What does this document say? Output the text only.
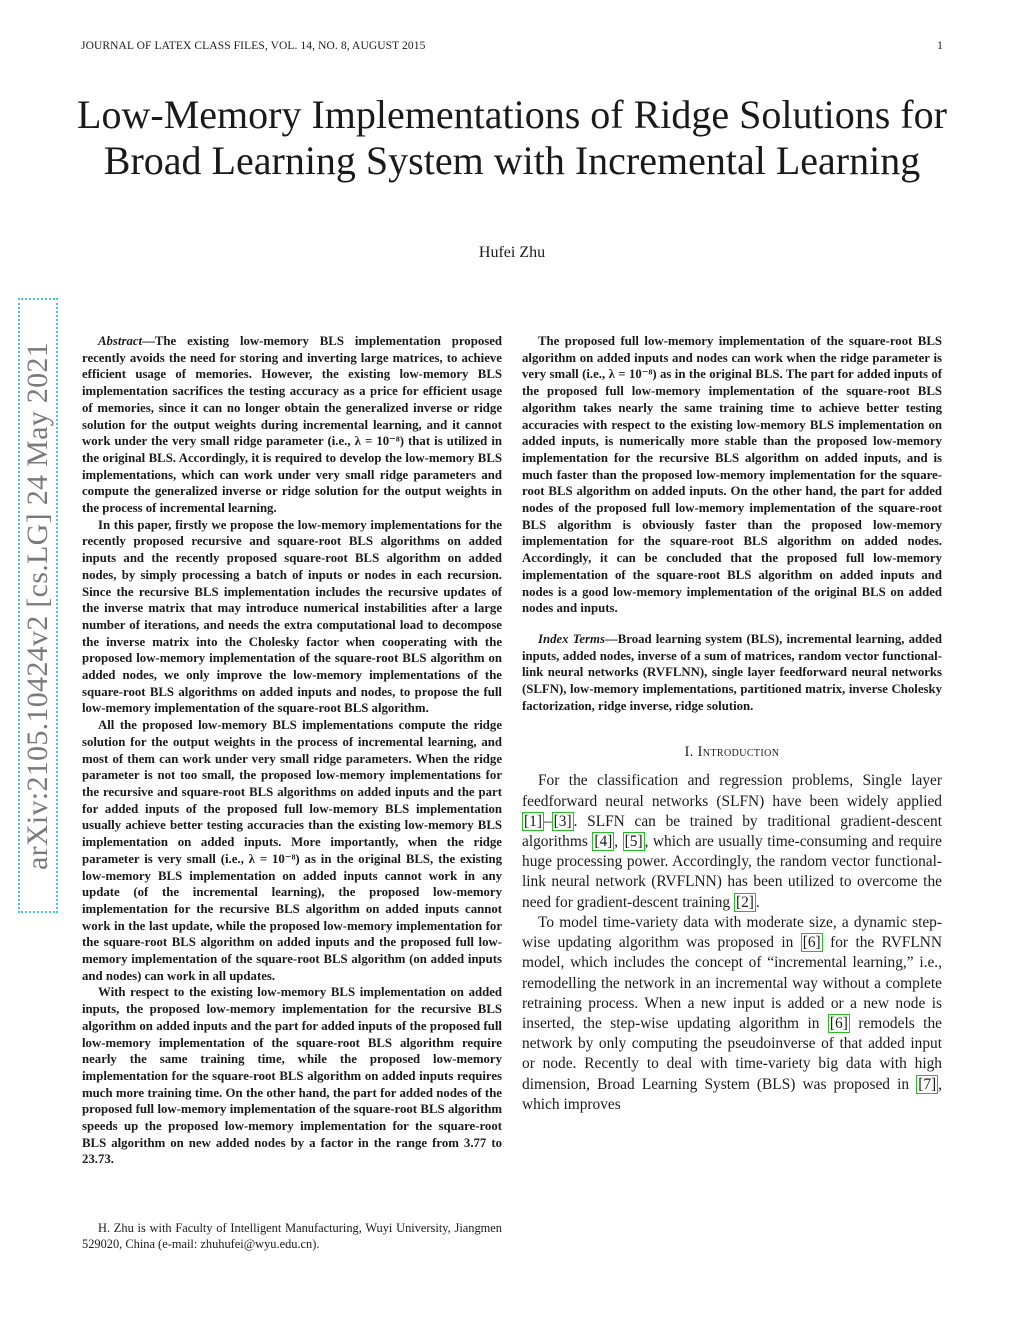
JOURNAL OF LATEX CLASS FILES, VOL. 14, NO. 8, AUGUST 2015	1
Low-Memory Implementations of Ridge Solutions for Broad Learning System with Incremental Learning
Hufei Zhu
arXiv:2105.10424v2 [cs.LG] 24 May 2021

Abstract—The existing low-memory BLS implementation proposed recently avoids the need for storing and inverting large matrices, to achieve efficient usage of memories. However, the existing low-memory BLS implementation sacrifices the testing accuracy as a price for efficient usage of memories, since it can no longer obtain the generalized inverse or ridge solution for the output weights during incremental learning, and it cannot work under the very small ridge parameter (i.e., λ = 10⁻⁸) that is utilized in the original BLS. Accordingly, it is required to develop the low-memory BLS implementations, which can work under very small ridge parameters and compute the generalized inverse or ridge solution for the output weights in the process of incremental learning.

In this paper, firstly we propose the low-memory implementations for the recently proposed recursive and square-root BLS algorithms on added inputs and the recently proposed square-root BLS algorithm on added nodes, by simply processing a batch of inputs or nodes in each recursion. Since the recursive BLS implementation includes the recursive updates of the inverse matrix that may introduce numerical instabilities after a large number of iterations, and needs the extra computational load to decompose the inverse matrix into the Cholesky factor when cooperating with the proposed low-memory implementation of the square-root BLS algorithm on added nodes, we only improve the low-memory implementations of the square-root BLS algorithms on added inputs and nodes, to propose the full low-memory implementation of the square-root BLS algorithm.

All the proposed low-memory BLS implementations compute the ridge solution for the output weights in the process of incremental learning, and most of them can work under very small ridge parameters. When the ridge parameter is not too small, the proposed low-memory implementations for the recursive and square-root BLS algorithms on added inputs and the part for added inputs of the proposed full low-memory BLS implementation usually achieve better testing accuracies than the existing low-memory BLS implementation on added inputs. More importantly, when the ridge parameter is very small (i.e., λ = 10⁻⁸) as in the original BLS, the existing low-memory BLS implementation on added inputs cannot work in any update (of the incremental learning), the proposed low-memory implementation for the recursive BLS algorithm on added inputs cannot work in the last update, while the proposed low-memory implementation for the square-root BLS algorithm on added inputs and the proposed full low-memory implementation of the square-root BLS algorithm (on added inputs and nodes) can work in all updates.

With respect to the existing low-memory BLS implementation on added inputs, the proposed low-memory implementation for the recursive BLS algorithm on added inputs and the part for added inputs of the proposed full low-memory implementation of the square-root BLS algorithm require nearly the same training time, while the proposed low-memory implementation for the square-root BLS algorithm on added inputs requires much more training time. On the other hand, the part for added nodes of the proposed full low-memory implementation of the square-root BLS algorithm speeds up the proposed low-memory implementation for the square-root BLS algorithm on new added nodes by a factor in the range from 3.77 to 23.73.

The proposed full low-memory implementation of the square-root BLS algorithm on added inputs and nodes can work when the ridge parameter is very small (i.e., λ = 10⁻⁸) as in the original BLS. The part for added inputs of the proposed full low-memory implementation of the square-root BLS algorithm takes nearly the same training time to achieve better testing accuracies with respect to the existing low-memory BLS implementation on added inputs, is numerically more stable than the proposed low-memory implementation for the recursive BLS algorithm on added inputs, and is much faster than the proposed low-memory implementation for the square-root BLS algorithm on added inputs. On the other hand, the part for added nodes of the proposed full low-memory implementation of the square-root BLS algorithm is obviously faster than the proposed low-memory implementation for the square-root BLS algorithm on added nodes. Accordingly, it can be concluded that the proposed full low-memory implementation of the square-root BLS algorithm on added inputs and nodes is a good low-memory implementation of the original BLS on added nodes and inputs.

Index Terms—Broad learning system (BLS), incremental learning, added inputs, added nodes, inverse of a sum of matrices, random vector functional-link neural networks (RVFLNN), single layer feedforward neural networks (SLFN), low-memory implementations, partitioned matrix, inverse Cholesky factorization, ridge inverse, ridge solution.
I. Introduction

For the classification and regression problems, Single layer feedforward neural networks (SLFN) have been widely applied [1] – [3] . SLFN can be trained by traditional gradient-descent algorithms [4] , [5] , which are usually time-consuming and require huge processing power. Accordingly, the random vector functional-link neural network (RVFLNN) has been utilized to overcome the need for gradient-descent training [2] .

To model time-variety data with moderate size, a dynamic step-wise updating algorithm was proposed in [6] for the RVFLNN model, which includes the concept of “incremental learning,” i.e., remodelling the network in an incremental way without a complete retraining process. When a new input is added or a new node is inserted, the step-wise updating algorithm in [6] remodels the network by only computing the pseudoinverse of that added input or node. Recently to deal with time-variety big data with high dimension, Broad Learning System (BLS) was proposed in [7] , which improves

H. Zhu is with Faculty of Intelligent Manufacturing, Wuyi University, Jiangmen 529020, China (e-mail: zhuhufei@wyu.edu.cn).
